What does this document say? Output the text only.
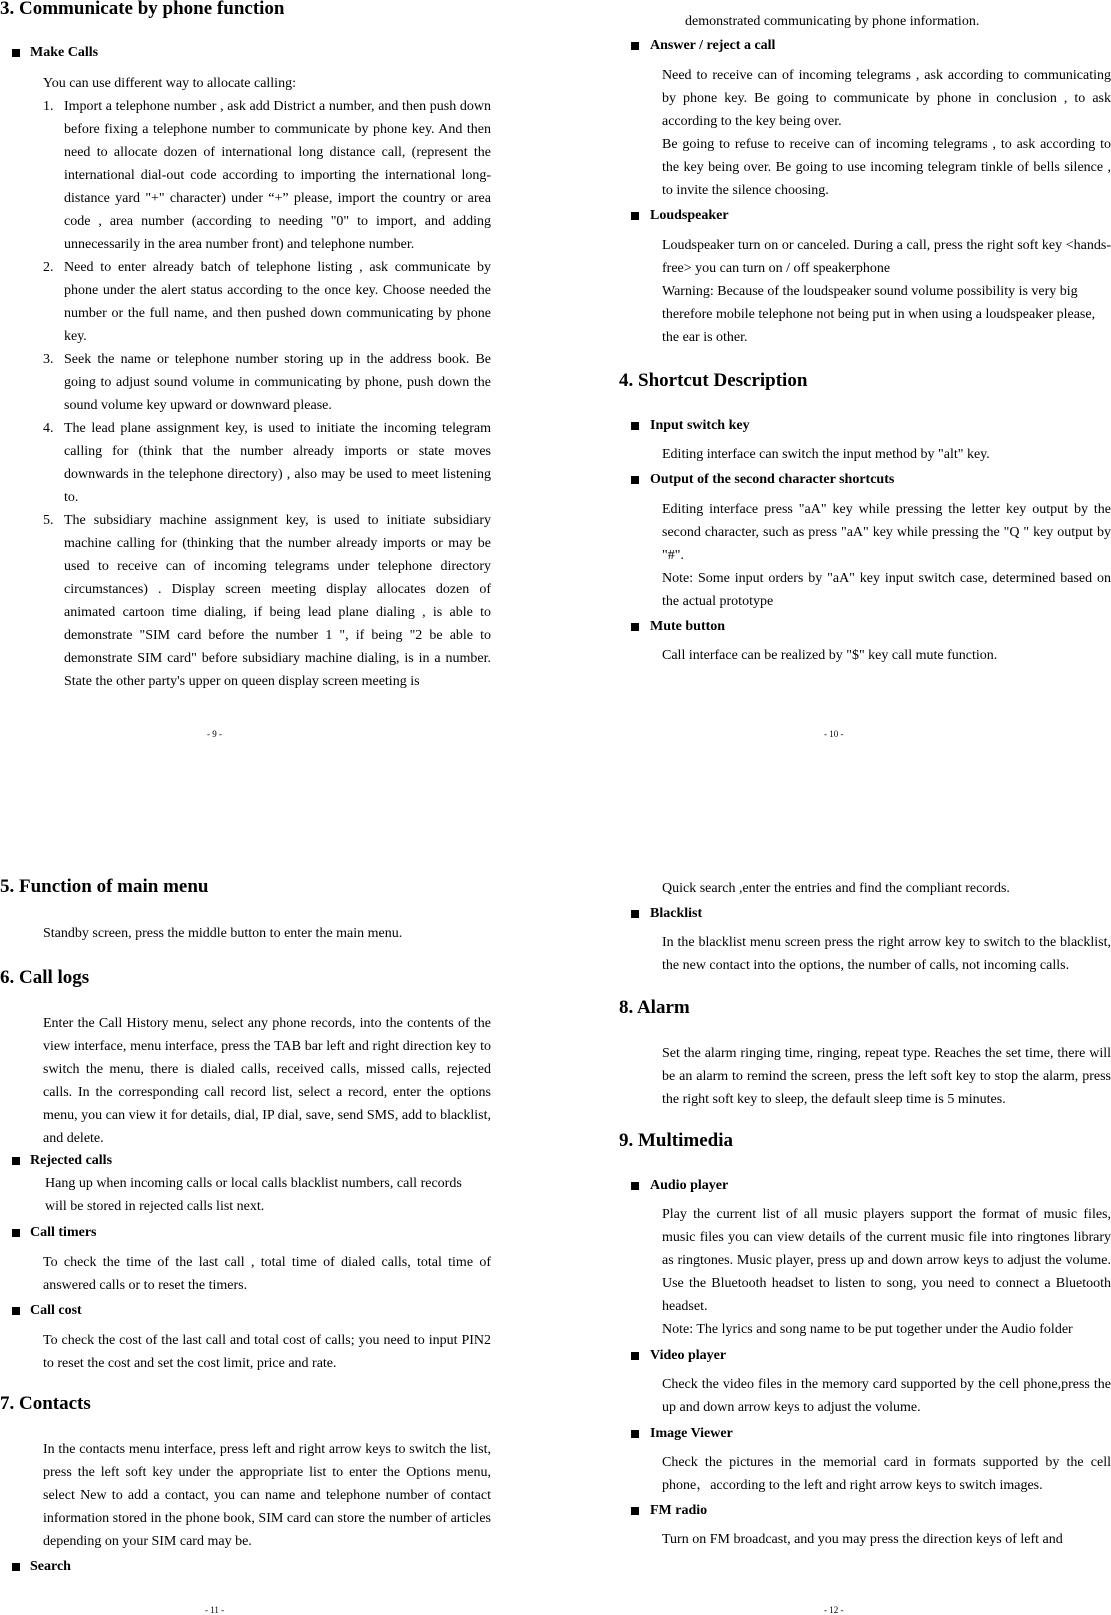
3. Communicate by phone function
Make Calls

You can use different way to allocate calling:

1. Import a telephone number , ask add District a number, and then push down before fixing a telephone number to communicate by phone key. And then need to allocate dozen of international long distance call, (represent the international dial-out code according to importing the international long-distance yard "+" character) under “+” please, import the country or area code , area number (according to needing "0" to import, and adding unnecessarily in the area number front) and telephone number.
2. Need to enter already batch of telephone listing , ask communicate by phone under the alert status according to the once key. Choose needed the number or the full name, and then pushed down communicating by phone key.
3. Seek the name or telephone number storing up in the address book. Be going to adjust sound volume in communicating by phone, push down the sound volume key upward or downward please.
4. The lead plane assignment key, is used to initiate the incoming telegram calling for (think that the number already imports or state moves downwards in the telephone directory) , also may be used to meet listening to.
5. The subsidiary machine assignment key, is used to initiate subsidiary machine calling for (thinking that the number already imports or may be used to receive can of incoming telegrams under telephone directory circumstances) . Display screen meeting display allocates dozen of animated cartoon time dialing, if being lead plane dialing , is able to demonstrate "SIM card before the number 1 ", if being "2 be able to demonstrate SIM card" before subsidiary machine dialing, is in a number. State the other party's upper on queen display screen meeting is
- 9 -

demonstrated communicating by phone information.

Answer / reject a call

Need to receive can of incoming telegrams , ask according to communicating by phone key. Be going to communicate by phone in conclusion , to ask according to the key being over.

Be going to refuse to receive can of incoming telegrams , to ask according to the key being over. Be going to use incoming telegram tinkle of bells silence , to invite the silence choosing.

Loudspeaker

Loudspeaker turn on or canceled. During a call, press the right soft key <hands-free> you can turn on / off speakerphone

Warning: Because of the loudspeaker sound volume possibility is very big

therefore mobile telephone not being put in when using a loudspeaker please,

the ear is other.

4. Shortcut Description
Input switch key

Editing interface can switch the input method by "alt" key.

Output of the second character shortcuts

Editing interface press "aA" key while pressing the letter key output by the second character, such as press "aA" key while pressing the "Q " key output by "#".

Note: Some input orders by "aA" key input switch case, determined based on the actual prototype

Mute button

Call interface can be realized by "$" key call mute function.

- 10 -
5. Function of main menu

Standby screen, press the middle button to enter the main menu.

6. Call logs

Enter the Call History menu, select any phone records, into the contents of the view interface, menu interface, press the TAB bar left and right direction key to switch the menu, there is dialed calls, received calls, missed calls, rejected calls. In the corresponding call record list, select a record, enter the options menu, you can view it for details, dial, IP dial, save, send SMS, add to blacklist, and delete.

Rejected calls

Hang up when incoming calls or local calls blacklist numbers, call records will be stored in rejected calls list next.

Call timers

To check the time of the last call , total time of dialed calls, total time of answered calls or to reset the timers.

Call cost

To check the cost of the last call and total cost of calls; you need to input PIN2 to reset the cost and set the cost limit, price and rate.

7. Contacts

In the contacts menu interface, press left and right arrow keys to switch the list, press the left soft key under the appropriate list to enter the Options menu, select New to add a contact, you can name and telephone number of contact information stored in the phone book, SIM card can store the number of articles depending on your SIM card may be.

Search
- 11 -

Quick search ,enter the entries and find the compliant records.

Blacklist

In the blacklist menu screen press the right arrow key to switch to the blacklist, the new contact into the options, the number of calls, not incoming calls.

8. Alarm

Set the alarm ringing time, ringing, repeat type. Reaches the set time, there will be an alarm to remind the screen, press the left soft key to stop the alarm, press the right soft key to sleep, the default sleep time is 5 minutes.

9. Multimedia
Audio player

Play the current list of all music players support the format of music files, music files you can view details of the current music file into ringtones library as ringtones. Music player, press up and down arrow keys to adjust the volume. Use the Bluetooth headset to listen to song, you need to connect a Bluetooth headset.

Note: The lyrics and song name to be put together under the Audio folder

Video player

Check the video files in the memory card supported by the cell phone,press the up and down arrow keys to adjust the volume.

Image Viewer

Check the pictures in the memorial card in formats supported by the cell phone，according to the left and right arrow keys to switch images.

FM radio

Turn on FM broadcast, and you may press the direction keys of left and

- 12 -
